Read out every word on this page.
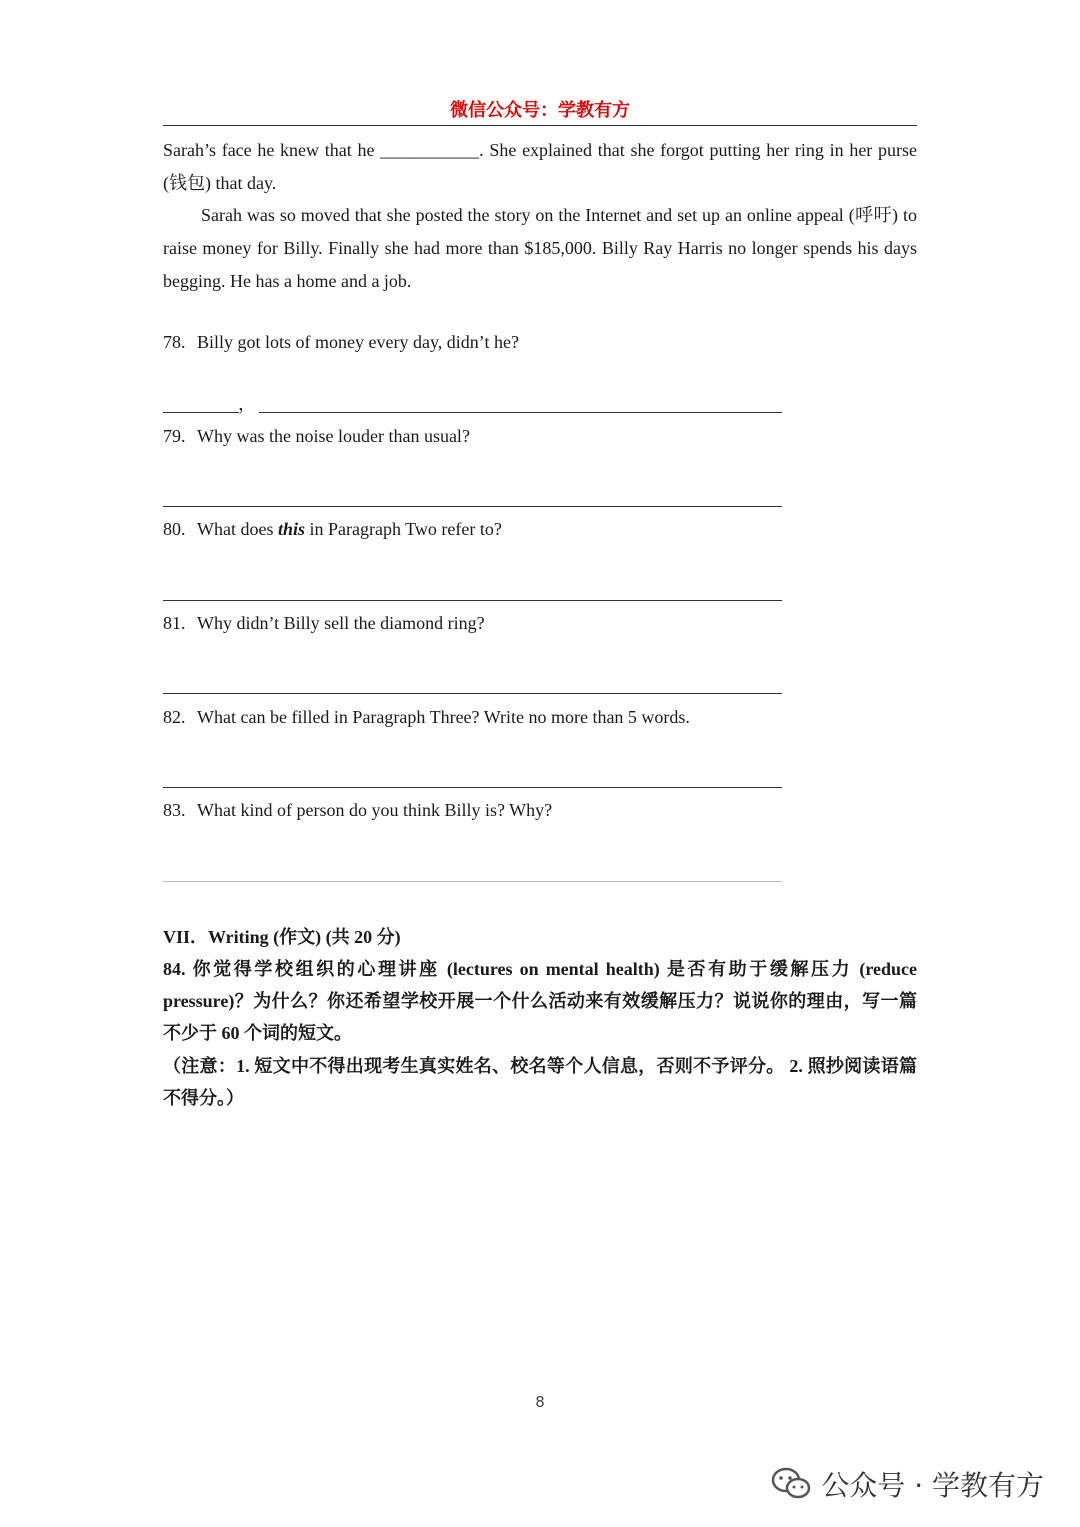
微信公众号：学教有方
Sarah’s face he knew that he ___________. She explained that she forgot putting her ring in her purse (钱包) that day.
Sarah was so moved that she posted the story on the Internet and set up an online appeal (呼吁) to raise money for Billy. Finally she had more than $185,000. Billy Ray Harris no longer spends his days begging. He has a home and a job.
78. Billy got lots of money every day, didn’t he?
，
79. Why was the noise louder than usual?
80. What does this in Paragraph Two refer to?
81. Why didn’t Billy sell the diamond ring?
82. What can be filled in Paragraph Three? Write no more than 5 words.
83. What kind of person do you think Billy is? Why?
VII．Writing (作文) (共 20 分)
84. 你觉得学校组织的心理讲座 (lectures on mental health) 是否有助于缓解压力 (reduce pressure)？为什么？你还希望学校开展一个什么活动来有效缓解压力？说说你的理由，写一篇不少于 60 个词的短文。
（注意：1. 短文中不得出现考生真实姓名、校名等个人信息，否则不予评分。 2. 照抄阅读语篇不得分。）
8
公众号 · 学教有方
